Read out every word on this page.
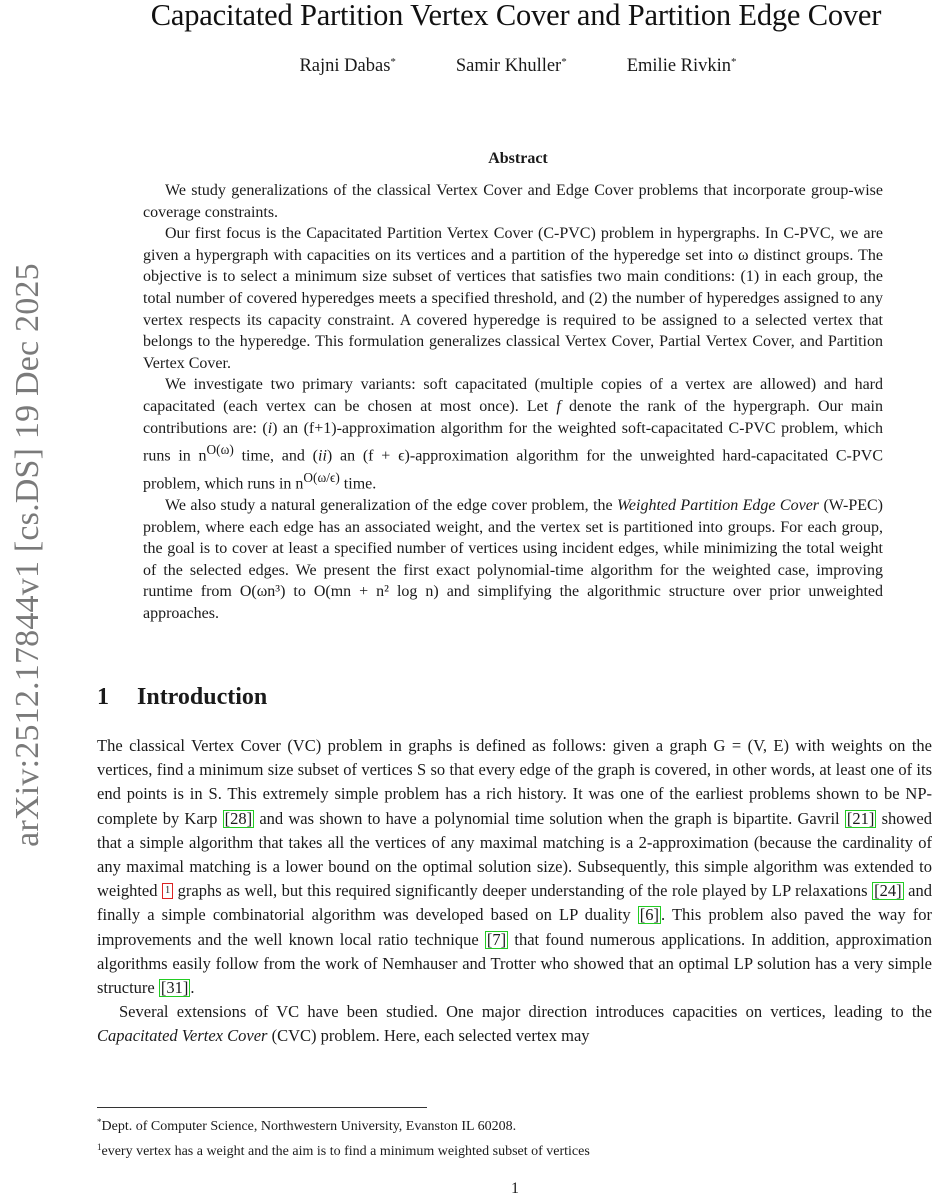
arXiv:2512.17844v1 [cs.DS] 19 Dec 2025
Capacitated Partition Vertex Cover and Partition Edge Cover
Rajni Dabas*	Samir Khuller*	Emilie Rivkin*
Abstract

We study generalizations of the classical Vertex Cover and Edge Cover problems that incorporate group-wise coverage constraints.

Our first focus is the Capacitated Partition Vertex Cover (C-PVC) problem in hypergraphs. In C-PVC, we are given a hypergraph with capacities on its vertices and a partition of the hyperedge set into ω distinct groups. The objective is to select a minimum size subset of vertices that satisfies two main conditions: (1) in each group, the total number of covered hyperedges meets a specified threshold, and (2) the number of hyperedges assigned to any vertex respects its capacity constraint. A covered hyperedge is required to be assigned to a selected vertex that belongs to the hyperedge. This formulation generalizes classical Vertex Cover, Partial Vertex Cover, and Partition Vertex Cover.

We investigate two primary variants: soft capacitated (multiple copies of a vertex are allowed) and hard capacitated (each vertex can be chosen at most once). Let f denote the rank of the hypergraph. Our main contributions are: (i) an (f+1)-approximation algorithm for the weighted soft-capacitated C-PVC problem, which runs in $n^{O(\omega)}$ time, and (ii) an (f + ϵ)-approximation algorithm for the unweighted hard-capacitated C-PVC problem, which runs in $n^{O(\omega/\epsilon)}$ time.

We also study a natural generalization of the edge cover problem, the Weighted Partition Edge Cover (W-PEC) problem, where each edge has an associated weight, and the vertex set is partitioned into groups. For each group, the goal is to cover at least a specified number of vertices using incident edges, while minimizing the total weight of the selected edges. We present the first exact polynomial-time algorithm for the weighted case, improving runtime from O(ωn³) to O(mn + n² log n) and simplifying the algorithmic structure over prior unweighted approaches.

1 Introduction

The classical Vertex Cover (VC) problem in graphs is defined as follows: given a graph G = (V, E) with weights on the vertices, find a minimum size subset of vertices S so that every edge of the graph is covered, in other words, at least one of its end points is in S. This extremely simple problem has a rich history. It was one of the earliest problems shown to be NP-complete by Karp [28] and was shown to have a polynomial time solution when the graph is bipartite. Gavril [21] showed that a simple algorithm that takes all the vertices of any maximal matching is a 2-approximation (because the cardinality of any maximal matching is a lower bound on the optimal solution size). Subsequently, this simple algorithm was extended to weighted 1 graphs as well, but this required significantly deeper understanding of the role played by LP relaxations [24] and finally a simple combinatorial algorithm was developed based on LP duality [6] . This problem also paved the way for improvements and the well known local ratio technique [7] that found numerous applications. In addition, approximation algorithms easily follow from the work of Nemhauser and Trotter who showed that an optimal LP solution has a very simple structure [31] .

Several extensions of VC have been studied. One major direction introduces capacities on vertices, leading to the Capacitated Vertex Cover (CVC) problem. Here, each selected vertex may

*Dept. of Computer Science, Northwestern University, Evanston IL 60208.
$^1$every vertex has a weight and the aim is to find a minimum weighted subset of vertices
1
